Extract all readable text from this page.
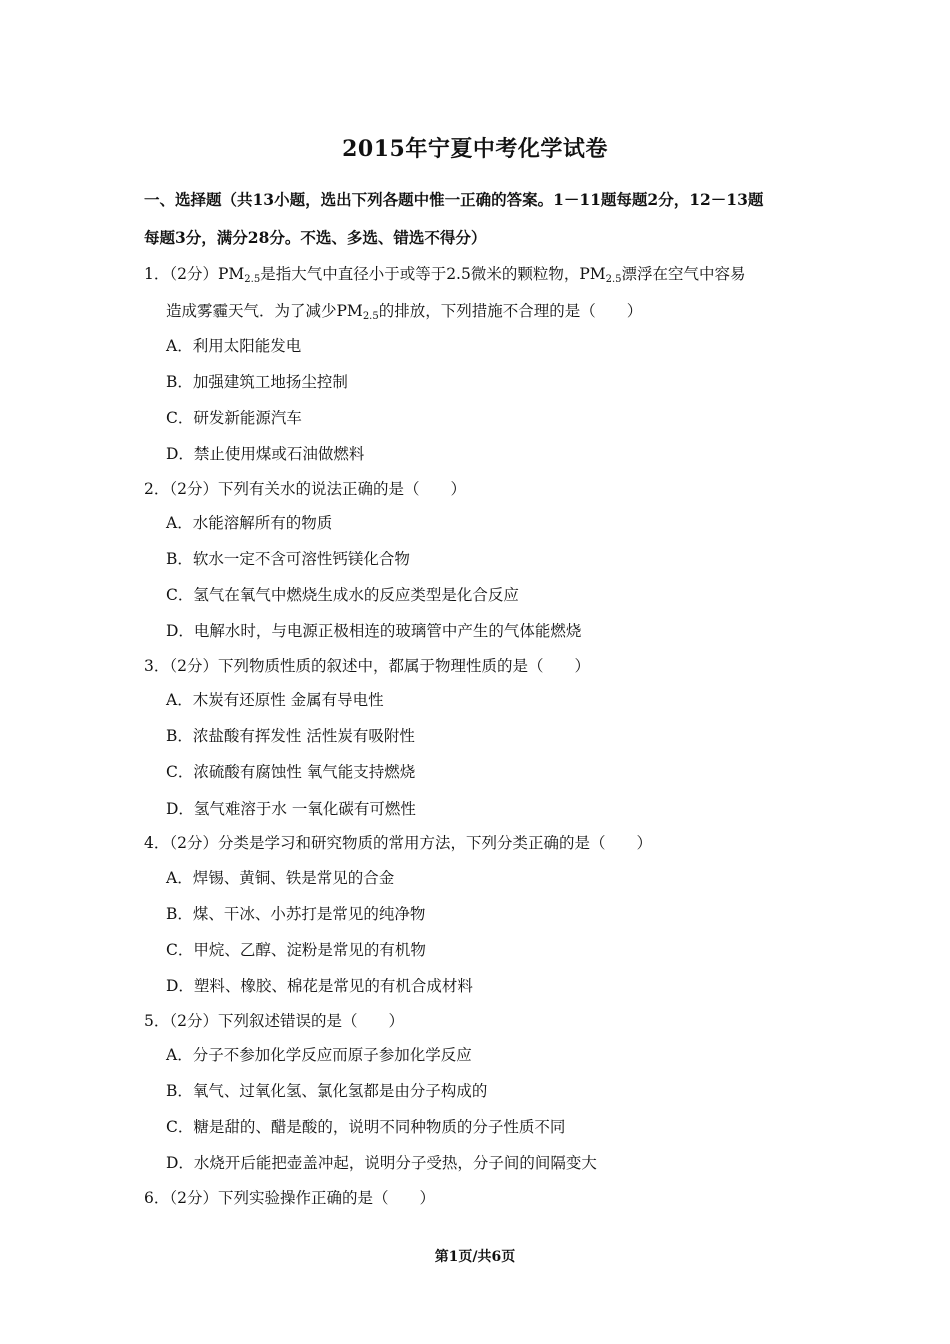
2015年宁夏中考化学试卷
一、选择题（共13小题，选出下列各题中惟一正确的答案。1－11题每题2分，12－13题
每题3分，满分28分。不选、多选、错选不得分）
1．（2分）$PM_{2.5}$是指大气中直径小于或等于2.5微米的颗粒物，$PM_{2.5}$漂浮在空气中容易
造成雾霾天气．为了减少$PM_{2.5}$的排放，下列措施不合理的是（　　）
A．利用太阳能发电
B．加强建筑工地扬尘控制
C．研发新能源汽车
D．禁止使用煤或石油做燃料
2．（2分）下列有关水的说法正确的是（　　）
A．水能溶解所有的物质
B．软水一定不含可溶性钙镁化合物
C．氢气在氧气中燃烧生成水的反应类型是化合反应
D．电解水时，与电源正极相连的玻璃管中产生的气体能燃烧
3．（2分）下列物质性质的叙述中，都属于物理性质的是（　　）
A．木炭有还原性 金属有导电性
B．浓盐酸有挥发性 活性炭有吸附性
C．浓硫酸有腐蚀性 氧气能支持燃烧
D．氢气难溶于水 一氧化碳有可燃性
4．（2分）分类是学习和研究物质的常用方法，下列分类正确的是（　　）
A．焊锡、黄铜、铁是常见的合金
B．煤、干冰、小苏打是常见的纯净物
C．甲烷、乙醇、淀粉是常见的有机物
D．塑料、橡胶、棉花是常见的有机合成材料
5．（2分）下列叙述错误的是（　　）
A．分子不参加化学反应而原子参加化学反应
B．氧气、过氧化氢、氯化氢都是由分子构成的
C．糖是甜的、醋是酸的，说明不同种物质的分子性质不同
D．水烧开后能把壶盖冲起，说明分子受热，分子间的间隔变大
6．（2分）下列实验操作正确的是（　　）
第1页/共6页
